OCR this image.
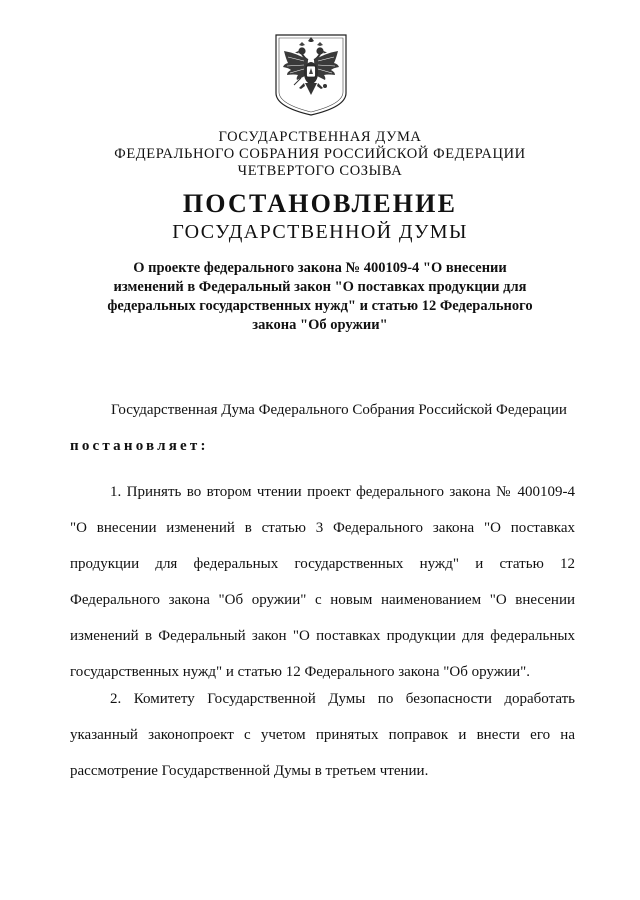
ГОСУДАРСТВЕННАЯ ДУМА
ФЕДЕРАЛЬНОГО СОБРАНИЯ РОССИЙСКОЙ ФЕДЕРАЦИИ
ЧЕТВЕРТОГО СОЗЫВА
ПОСТАНОВЛЕНИЕ
ГОСУДАРСТВЕННОЙ ДУМЫ
О проекте федерального закона № 400109-4 "О внесении
изменений в Федеральный закон "О поставках продукции для
федеральных государственных нужд" и статью 12 Федерального
закона "Об оружии"
Государственная Дума Федерального Собрания Российской Федерации
постановляет:
1. Принять во втором чтении проект федерального закона № 400109-4
"О внесении изменений в статью 3 Федерального закона "О поставках
продукции для федеральных государственных нужд" и статью 12
Федерального закона "Об оружии" с новым наименованием "О внесении
изменений в Федеральный закон "О поставках продукции для федеральных
государственных нужд" и статью 12 Федерального закона "Об оружии".
2. Комитету Государственной Думы по безопасности доработать
указанный законопроект с учетом принятых поправок и внести его на
рассмотрение Государственной Думы в третьем чтении.
